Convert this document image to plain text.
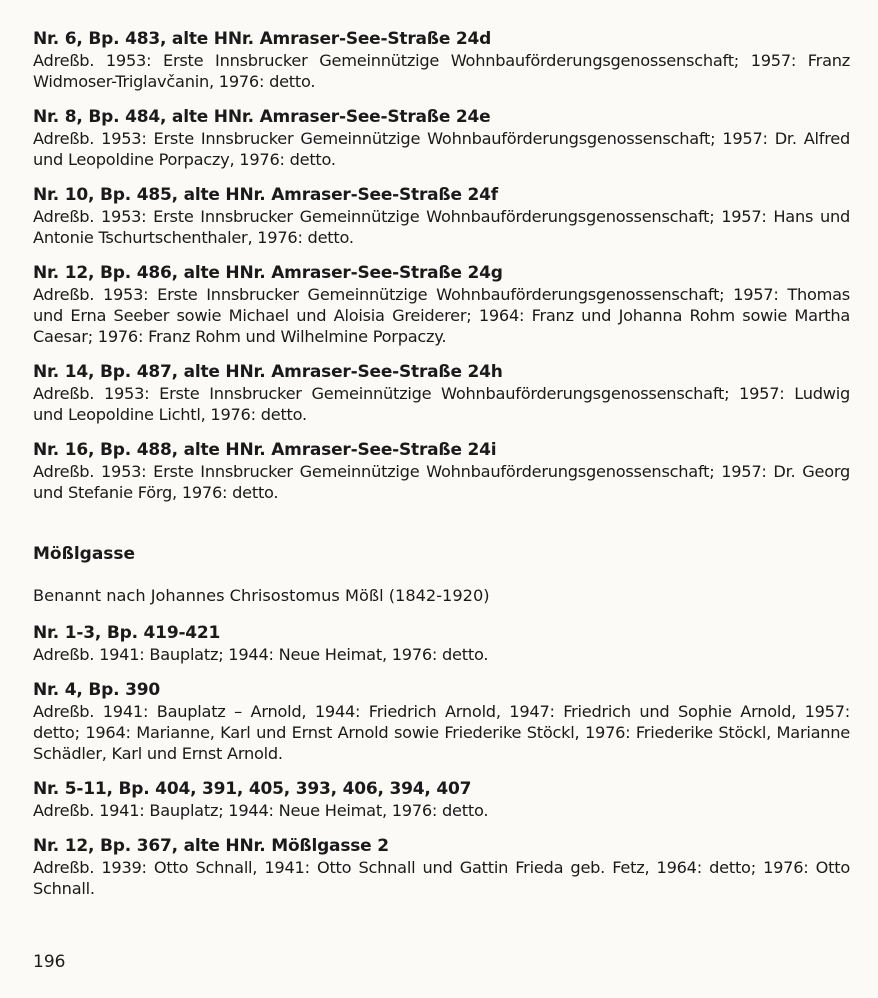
Nr. 6, Bp. 483, alte HNr. Amraser-See-Straße 24d
Adreßb. 1953: Erste Innsbrucker Gemeinnützige Wohnbauförderungsgenossenschaft; 1957: Franz Widmoser-Triglavčanin, 1976: detto.
Nr. 8, Bp. 484, alte HNr. Amraser-See-Straße 24e
Adreßb. 1953: Erste Innsbrucker Gemeinnützige Wohnbauförderungsgenossenschaft; 1957: Dr. Alfred und Leopoldine Porpaczy, 1976: detto.
Nr. 10, Bp. 485, alte HNr. Amraser-See-Straße 24f
Adreßb. 1953: Erste Innsbrucker Gemeinnützige Wohnbauförderungsgenossenschaft; 1957: Hans und Antonie Tschurtschenthaler, 1976: detto.
Nr. 12, Bp. 486, alte HNr. Amraser-See-Straße 24g
Adreßb. 1953: Erste Innsbrucker Gemeinnützige Wohnbauförderungsgenossenschaft; 1957: Thomas und Erna Seeber sowie Michael und Aloisia Greiderer; 1964: Franz und Johanna Rohm sowie Martha Caesar; 1976: Franz Rohm und Wilhelmine Porpaczy.
Nr. 14, Bp. 487, alte HNr. Amraser-See-Straße 24h
Adreßb. 1953: Erste Innsbrucker Gemeinnützige Wohnbauförderungsgenossenschaft; 1957: Ludwig und Leopoldine Lichtl, 1976: detto.
Nr. 16, Bp. 488, alte HNr. Amraser-See-Straße 24i
Adreßb. 1953: Erste Innsbrucker Gemeinnützige Wohnbauförderungsgenossenschaft; 1957: Dr. Georg und Stefanie Förg, 1976: detto.
Mößlgasse
Benannt nach Johannes Chrisostomus Mößl (1842-1920)
Nr. 1-3, Bp. 419-421
Adreßb. 1941: Bauplatz; 1944: Neue Heimat, 1976: detto.
Nr. 4, Bp. 390
Adreßb. 1941: Bauplatz – Arnold, 1944: Friedrich Arnold, 1947: Friedrich und Sophie Arnold, 1957: detto; 1964: Marianne, Karl und Ernst Arnold sowie Friederike Stöckl, 1976: Friederike Stöckl, Marianne Schädler, Karl und Ernst Arnold.
Nr. 5-11, Bp. 404, 391, 405, 393, 406, 394, 407
Adreßb. 1941: Bauplatz; 1944: Neue Heimat, 1976: detto.
Nr. 12, Bp. 367, alte HNr. Mößlgasse 2
Adreßb. 1939: Otto Schnall, 1941: Otto Schnall und Gattin Frieda geb. Fetz, 1964: detto; 1976: Otto Schnall.
196
